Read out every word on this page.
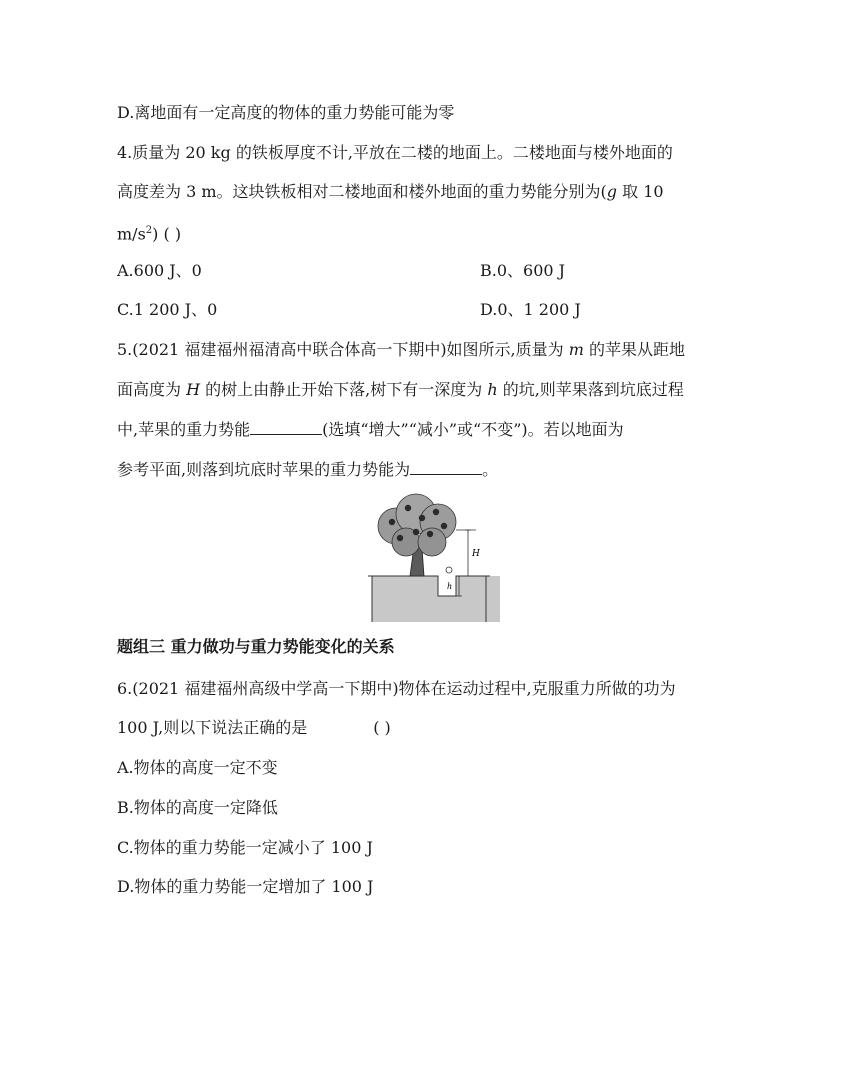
D.离地面有一定高度的物体的重力势能可能为零
4.质量为 20 kg 的铁板厚度不计,平放在二楼的地面上。二楼地面与楼外地面的
高度差为 3 m。这块铁板相对二楼地面和楼外地面的重力势能分别为(g 取 10
$m/s^2$) ( )
A.600 J、0	B.0、600 J
C.1 200 J、0	D.0、1 200 J
5.(2021 福建福州福清高中联合体高一下期中)如图所示,质量为 m 的苹果从距地
面高度为 H 的树上由静止开始下落,树下有一深度为 h 的坑,则苹果落到坑底过程
中,苹果的重力势能	(选填“增大”“减小”或“不变”)。若以地面为
参考平面,则落到坑底时苹果的重力势能为	。
H
h
题组三 重力做功与重力势能变化的关系
6.(2021 福建福州高级中学高一下期中)物体在运动过程中,克服重力所做的功为
100 J,则以下说法正确的是	( )
A.物体的高度一定不变
B.物体的高度一定降低
C.物体的重力势能一定减小了 100 J
D.物体的重力势能一定增加了 100 J
